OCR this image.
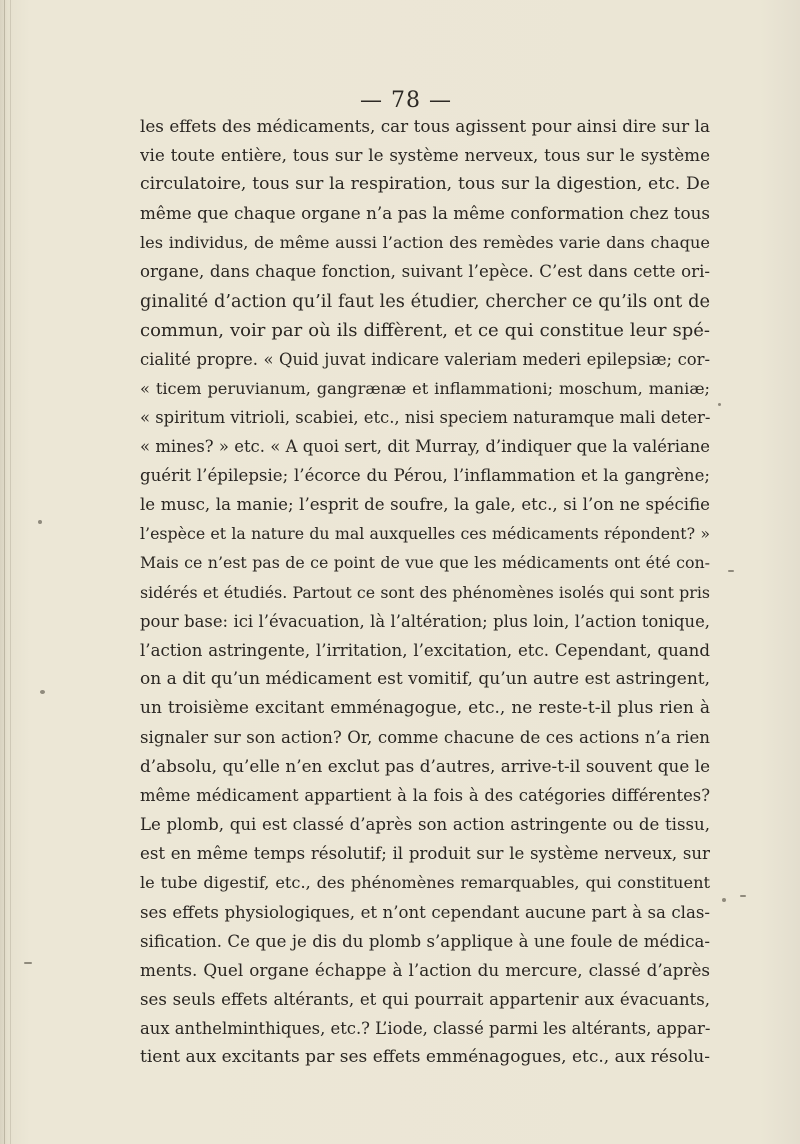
— 78 —
les effets des médicaments, car tous agissent pour ainsi dire sur la
vie toute entière, tous sur le système nerveux, tous sur le système
circulatoire, tous sur la respiration, tous sur la digestion, etc. De
même que chaque organe n’a pas la même conformation chez tous
les individus, de même aussi l’action des remèdes varie dans chaque
organe, dans chaque fonction, suivant l’epèce. C’est dans cette ori-
ginalité d’action qu’il faut les étudier, chercher ce qu’ils ont de
commun, voir par où ils diffèrent, et ce qui constitue leur spé-
cialité propre. « Quid juvat indicare valeriam mederi epilepsiæ; cor-
« ticem peruvianum, gangrænæ et inflammationi; moschum, maniæ;
« spiritum vitrioli, scabiei, etc., nisi speciem naturamque mali deter-
« mines? » etc. « A quoi sert, dit Murray, d’indiquer que la valériane
guérit l’épilepsie; l’écorce du Pérou, l’inflammation et la gangrène;
le musc, la manie; l’esprit de soufre, la gale, etc., si l’on ne spécifie
l’espèce et la nature du mal auxquelles ces médicaments répondent? »
Mais ce n’est pas de ce point de vue que les médicaments ont été con-
sidérés et étudiés. Partout ce sont des phénomènes isolés qui sont pris
pour base: ici l’évacuation, là l’altération; plus loin, l’action tonique,
l’action astringente, l’irritation, l’excitation, etc. Cependant, quand
on a dit qu’un médicament est vomitif, qu’un autre est astringent,
un troisième excitant emménagogue, etc., ne reste-t-il plus rien à
signaler sur son action? Or, comme chacune de ces actions n’a rien
d’absolu, qu’elle n’en exclut pas d’autres, arrive-t-il souvent que le
même médicament appartient à la fois à des catégories différentes?
Le plomb, qui est classé d’après son action astringente ou de tissu,
est en même temps résolutif; il produit sur le système nerveux, sur
le tube digestif, etc., des phénomènes remarquables, qui constituent
ses effets physiologiques, et n’ont cependant aucune part à sa clas-
sification. Ce que je dis du plomb s’applique à une foule de médica-
ments. Quel organe échappe à l’action du mercure, classé d’après
ses seuls effets altérants, et qui pourrait appartenir aux évacuants,
aux anthelminthiques, etc.? L’iode, classé parmi les altérants, appar-
tient aux excitants par ses effets emménagogues, etc., aux résolu-
